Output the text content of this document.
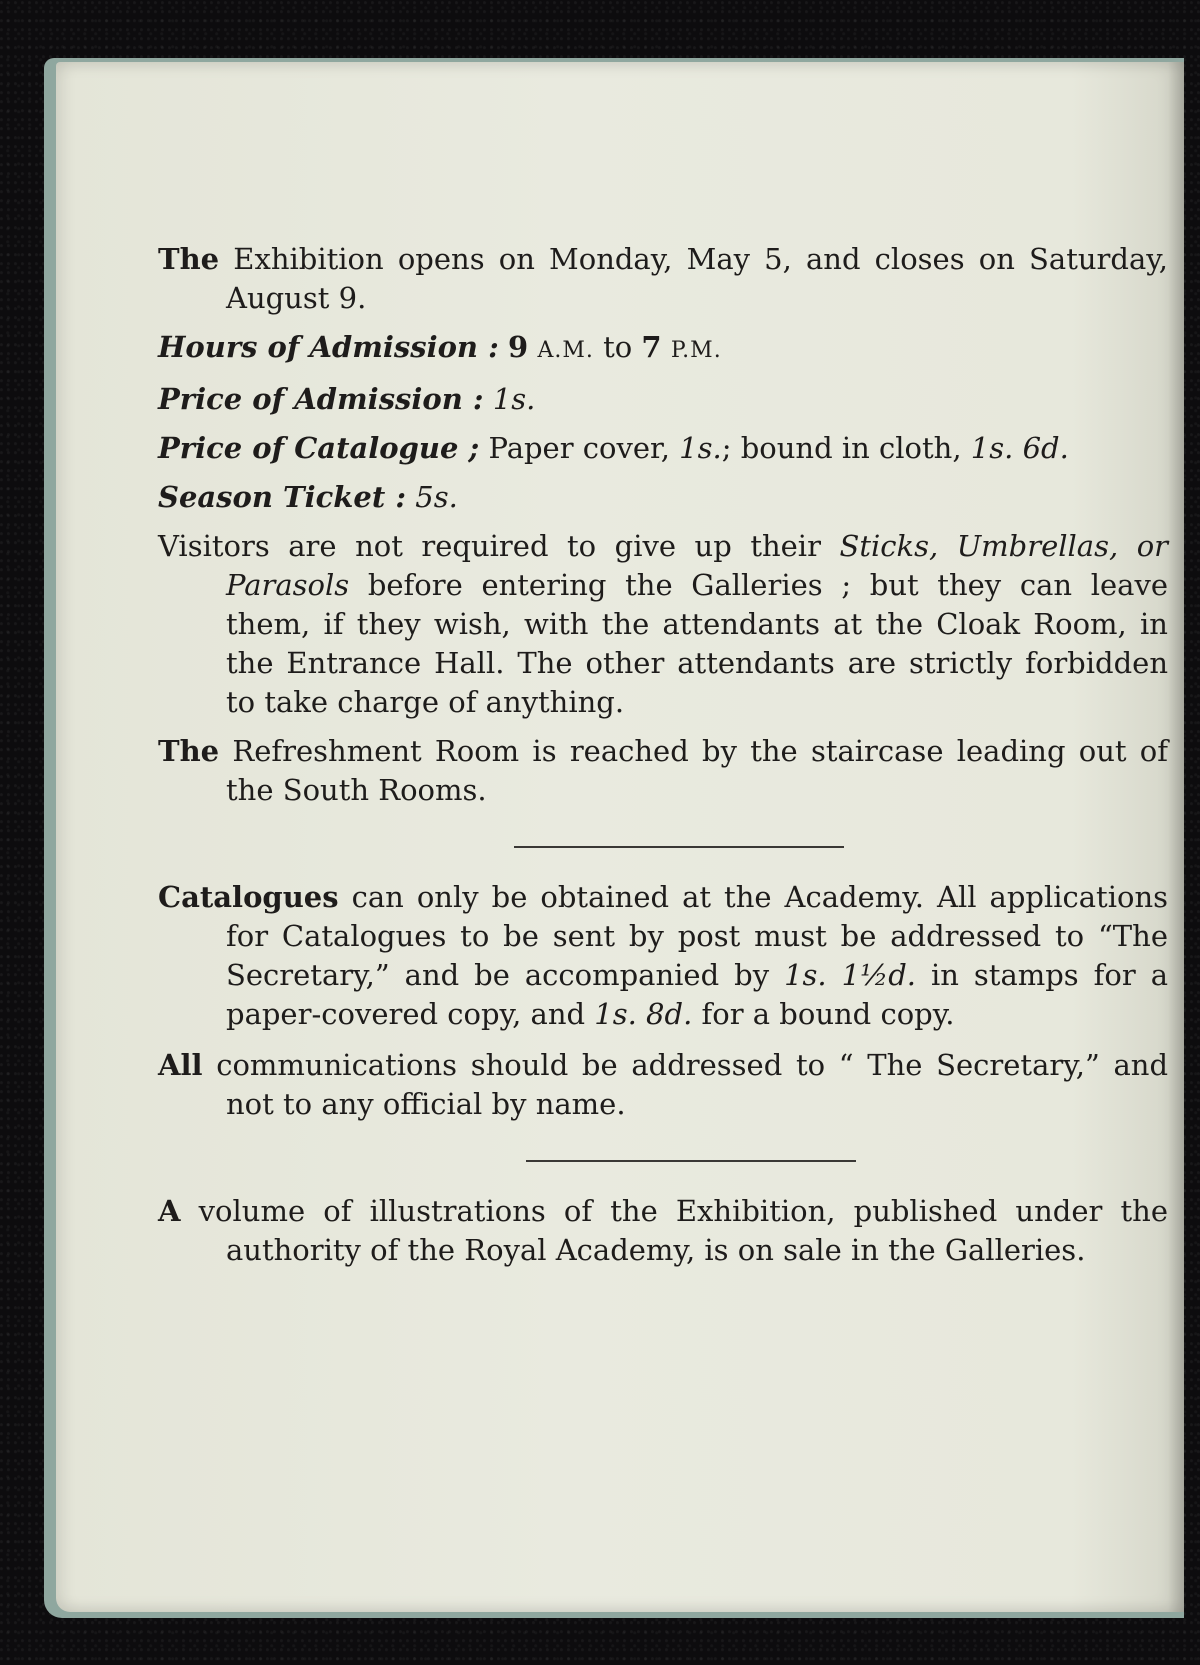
The Exhibition opens on Monday, May 5, and closes on Saturday, August 9.

Hours of Admission : 9 A.M. to 7 P.M.

Price of Admission : 1s.

Price of Catalogue ; Paper cover, 1s.; bound in cloth, 1s. 6d.

Season Ticket : 5s.

Visitors are not required to give up their Sticks, Umbrellas, or Parasols before entering the Galleries ; but they can leave them, if they wish, with the attendants at the Cloak Room, in the Entrance Hall. The other attendants are strictly forbidden to take charge of anything.

The Refreshment Room is reached by the staircase leading out of the South Rooms.

Catalogues can only be obtained at the Academy. All applications for Catalogues to be sent by post must be addressed to “The Secretary,” and be accompanied by 1s. 1½d. in stamps for a paper-covered copy, and 1s. 8d. for a bound copy.

All communications should be addressed to “ The Secretary,” and not to any official by name.

A volume of illustrations of the Exhibition, published under the authority of the Royal Academy, is on sale in the Galleries.
